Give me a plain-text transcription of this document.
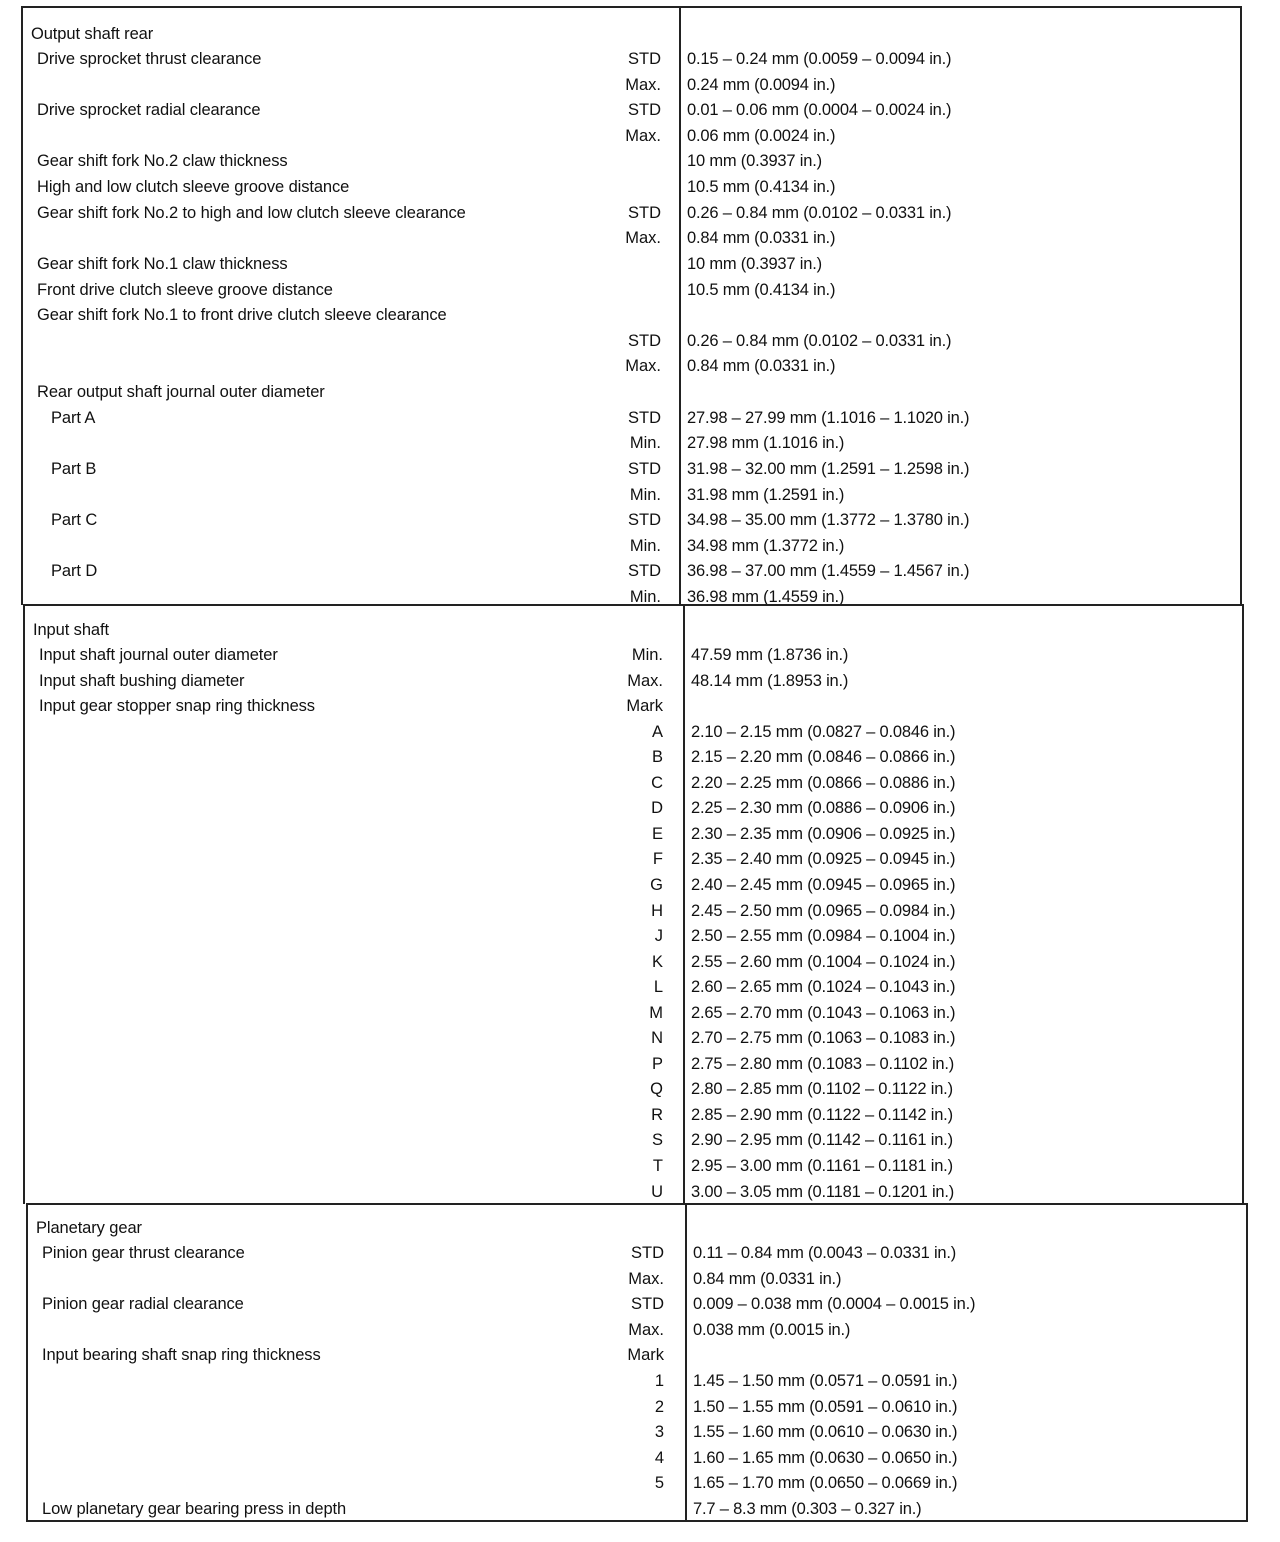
Output shaft rear
Drive sprocket thrust clearance	STD 0.15 – 0.24 mm (0.0059 – 0.0094 in.)
Max. 0.24 mm (0.0094 in.)
Drive sprocket radial clearance	STD 0.01 – 0.06 mm (0.0004 – 0.0024 in.)
Max. 0.06 mm (0.0024 in.)
Gear shift fork No.2 claw thickness	10 mm (0.3937 in.)
High and low clutch sleeve groove distance	10.5 mm (0.4134 in.)
Gear shift fork No.2 to high and low clutch sleeve clearance	STD 0.26 – 0.84 mm (0.0102 – 0.0331 in.)
Max. 0.84 mm (0.0331 in.)
Gear shift fork No.1 claw thickness	10 mm (0.3937 in.)
Front drive clutch sleeve groove distance	10.5 mm (0.4134 in.)
Gear shift fork No.1 to front drive clutch sleeve clearance
STD 0.26 – 0.84 mm (0.0102 – 0.0331 in.)
Max. 0.84 mm (0.0331 in.)
Rear output shaft journal outer diameter
Part A	STD 27.98 – 27.99 mm (1.1016 – 1.1020 in.)
Min. 27.98 mm (1.1016 in.)
Part B	STD 31.98 – 32.00 mm (1.2591 – 1.2598 in.)
Min. 31.98 mm (1.2591 in.)
Part C	STD 34.98 – 35.00 mm (1.3772 – 1.3780 in.)
Min. 34.98 mm (1.3772 in.)
Part D	STD 36.98 – 37.00 mm (1.4559 – 1.4567 in.)
Min. 36.98 mm (1.4559 in.)
Input shaft
Input shaft journal outer diameter	Min. 47.59 mm (1.8736 in.)
Input shaft bushing diameter	Max. 48.14 mm (1.8953 in.)
Input gear stopper snap ring thickness	Mark
A 2.10 – 2.15 mm (0.0827 – 0.0846 in.)
B 2.15 – 2.20 mm (0.0846 – 0.0866 in.)
C 2.20 – 2.25 mm (0.0866 – 0.0886 in.)
D 2.25 – 2.30 mm (0.0886 – 0.0906 in.)
E 2.30 – 2.35 mm (0.0906 – 0.0925 in.)
F 2.35 – 2.40 mm (0.0925 – 0.0945 in.)
G 2.40 – 2.45 mm (0.0945 – 0.0965 in.)
H 2.45 – 2.50 mm (0.0965 – 0.0984 in.)
J 2.50 – 2.55 mm (0.0984 – 0.1004 in.)
K 2.55 – 2.60 mm (0.1004 – 0.1024 in.)
L 2.60 – 2.65 mm (0.1024 – 0.1043 in.)
M 2.65 – 2.70 mm (0.1043 – 0.1063 in.)
N 2.70 – 2.75 mm (0.1063 – 0.1083 in.)
P 2.75 – 2.80 mm (0.1083 – 0.1102 in.)
Q 2.80 – 2.85 mm (0.1102 – 0.1122 in.)
R 2.85 – 2.90 mm (0.1122 – 0.1142 in.)
S 2.90 – 2.95 mm (0.1142 – 0.1161 in.)
T 2.95 – 3.00 mm (0.1161 – 0.1181 in.)
U 3.00 – 3.05 mm (0.1181 – 0.1201 in.)
Planetary gear
Pinion gear thrust clearance	STD 0.11 – 0.84 mm (0.0043 – 0.0331 in.)
Max. 0.84 mm (0.0331 in.)
Pinion gear radial clearance	STD 0.009 – 0.038 mm (0.0004 – 0.0015 in.)
Max. 0.038 mm (0.0015 in.)
Input bearing shaft snap ring thickness	Mark
1 1.45 – 1.50 mm (0.0571 – 0.0591 in.)
2 1.50 – 1.55 mm (0.0591 – 0.0610 in.)
3 1.55 – 1.60 mm (0.0610 – 0.0630 in.)
4 1.60 – 1.65 mm (0.0630 – 0.0650 in.)
5 1.65 – 1.70 mm (0.0650 – 0.0669 in.)
Low planetary gear bearing press in depth	7.7 – 8.3 mm (0.303 – 0.327 in.)
